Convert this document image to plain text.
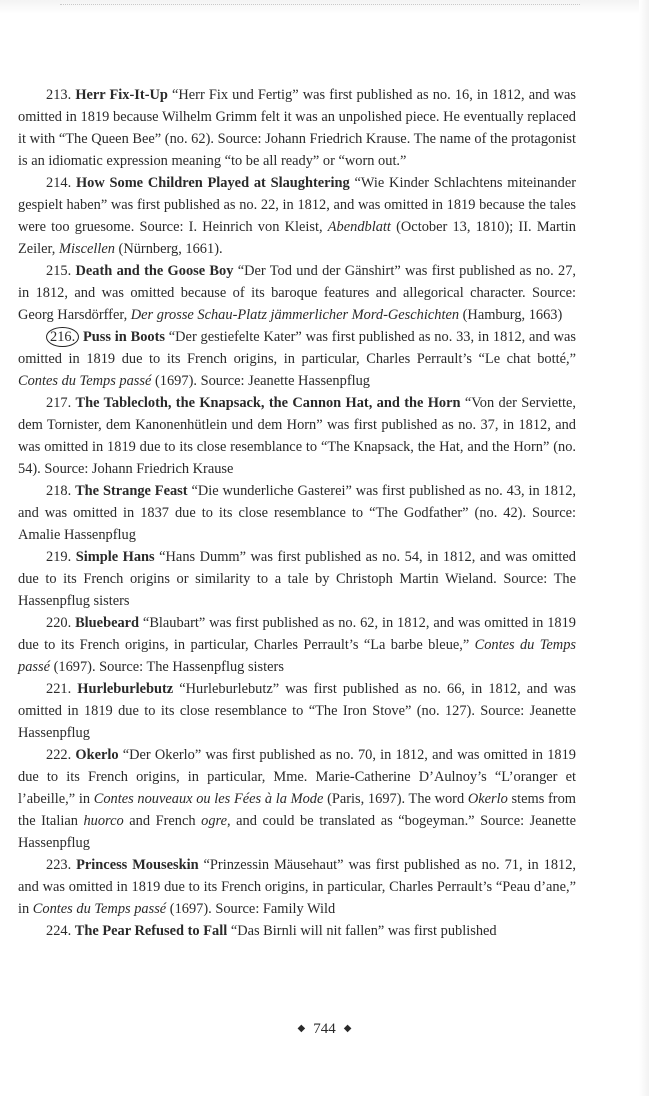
213. Herr Fix-It-Up “Herr Fix und Fertig” was first published as no. 16, in 1812, and was omitted in 1819 because Wilhelm Grimm felt it was an unpolished piece. He eventually replaced it with “The Queen Bee” (no. 62). Source: Johann Friedrich Krause. The name of the protagonist is an idiomatic expression meaning “to be all ready” or “worn out.”

214. How Some Children Played at Slaughtering “Wie Kinder Schlachtens miteinander gespielt haben” was first published as no. 22, in 1812, and was omitted in 1819 because the tales were too gruesome. Source: I. Heinrich von Kleist, Abendblatt (October 13, 1810); II. Martin Zeiler, Miscellen (Nürnberg, 1661).

215. Death and the Goose Boy “Der Tod und der Gänshirt” was first published as no. 27, in 1812, and was omitted because of its baroque features and allegorical character. Source: Georg Harsdörffer, Der grosse Schau-Platz jämmerlicher Mord-Geschichten (Hamburg, 1663)

216. Puss in Boots “Der gestiefelte Kater” was first published as no. 33, in 1812, and was omitted in 1819 due to its French origins, in particular, Charles Perrault’s “Le chat botté,” Contes du Temps passé (1697). Source: Jeanette Hassenpflug

217. The Tablecloth, the Knapsack, the Cannon Hat, and the Horn “Von der Serviette, dem Tornister, dem Kanonenhütlein und dem Horn” was first published as no. 37, in 1812, and was omitted in 1819 due to its close resemblance to “The Knapsack, the Hat, and the Horn” (no. 54). Source: Johann Friedrich Krause

218. The Strange Feast “Die wunderliche Gasterei” was first published as no. 43, in 1812, and was omitted in 1837 due to its close resemblance to “The Godfather” (no. 42). Source: Amalie Hassenpflug

219. Simple Hans “Hans Dumm” was first published as no. 54, in 1812, and was omitted due to its French origins or similarity to a tale by Christoph Martin Wieland. Source: The Hassenpflug sisters

220. Bluebeard “Blaubart” was first published as no. 62, in 1812, and was omitted in 1819 due to its French origins, in particular, Charles Perrault’s “La barbe bleue,” Contes du Temps passé (1697). Source: The Hassenpflug sisters

221. Hurleburlebutz “Hurleburlebutz” was first published as no. 66, in 1812, and was omitted in 1819 due to its close resemblance to “The Iron Stove” (no. 127). Source: Jeanette Hassenpflug

222. Okerlo “Der Okerlo” was first published as no. 70, in 1812, and was omitted in 1819 due to its French origins, in particular, Mme. Marie-Catherine D’Aulnoy’s “L’oranger et l’abeille,” in Contes nouveaux ou les Fées à la Mode (Paris, 1697). The word Okerlo stems from the Italian huorco and French ogre, and could be translated as “bogeyman.” Source: Jeanette Hassenpflug

223. Princess Mouseskin “Prinzessin Mäusehaut” was first published as no. 71, in 1812, and was omitted in 1819 due to its French origins, in particular, Charles Perrault’s “Peau d’ane,” in Contes du Temps passé (1697). Source: Family Wild

224. The Pear Refused to Fall “Das Birnli will nit fallen” was first published

◆ 744 ◆
